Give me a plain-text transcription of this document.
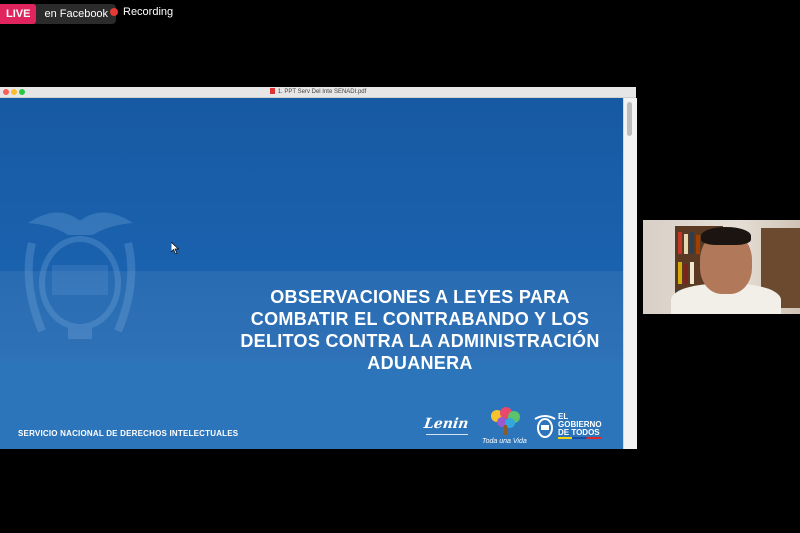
LIVE	en Facebook Recording
1. PPT Serv Del Inte SENADI.pdf
OBSERVACIONES A LEYES PARA
COMBATIR EL CONTRABANDO Y LOS
DELITOS CONTRA LA ADMINISTRACIÓN
ADUANERA
SERVICIO NACIONAL DE DERECHOS INTELECTUALES
Lenin
Toda una Vida
EL
GOBIERNO
DE TODOS
